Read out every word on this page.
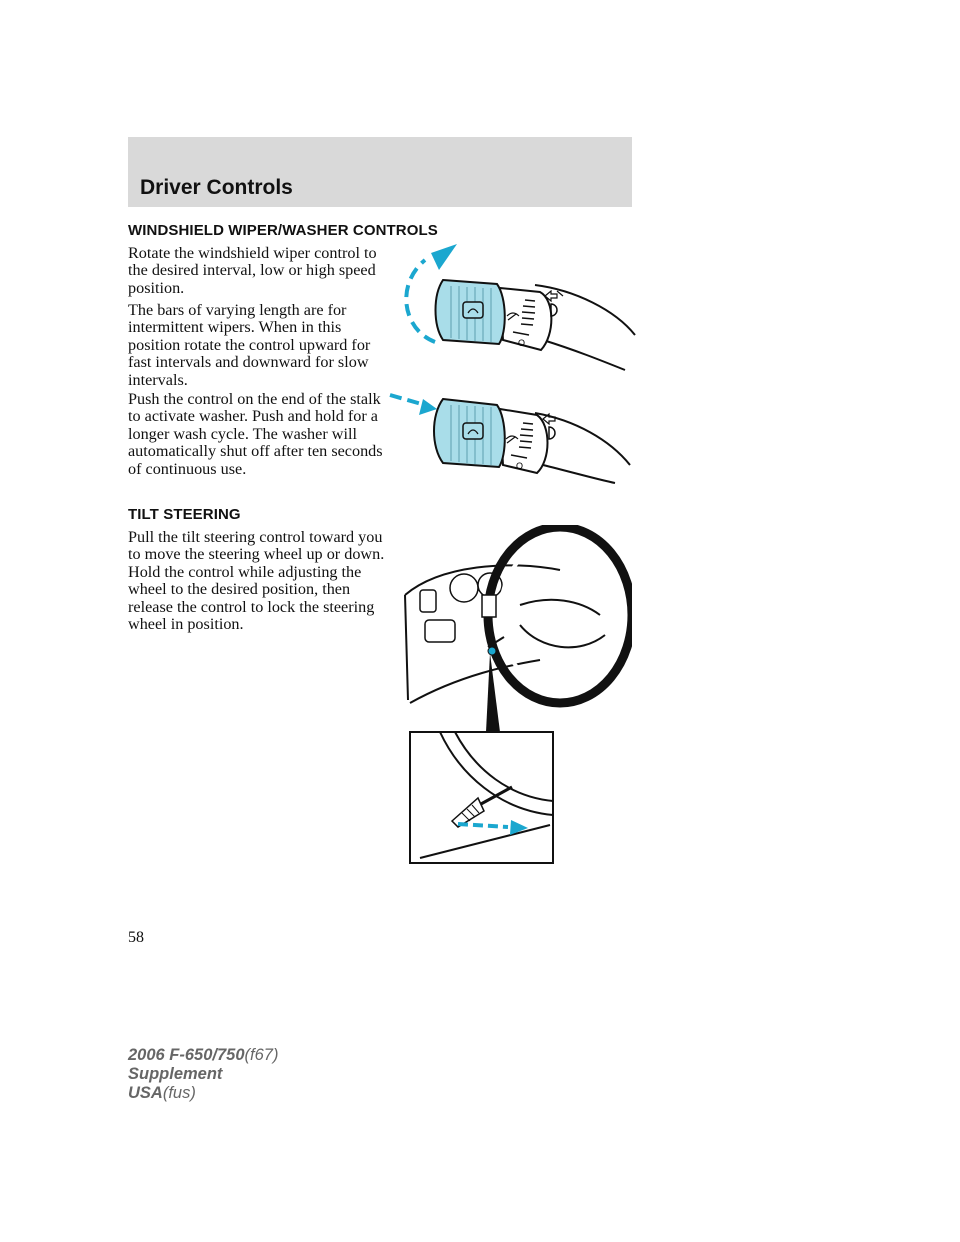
Driver Controls
WINDSHIELD WIPER/WASHER CONTROLS
Rotate the windshield wiper control to the desired interval, low or high speed position.
The bars of varying length are for intermittent wipers. When in this position rotate the control upward for fast intervals and downward for slow intervals.
Push the control on the end of the stalk to activate washer. Push and hold for a longer wash cycle. The washer will automatically shut off after ten seconds of continuous use.
TILT STEERING
Pull the tilt steering control toward you to move the steering wheel up or down. Hold the control while adjusting the wheel to the desired position, then release the control to lock the steering wheel in position.
O
O
58
2006 F-650/750(f67)
Supplement
USA(fus)
